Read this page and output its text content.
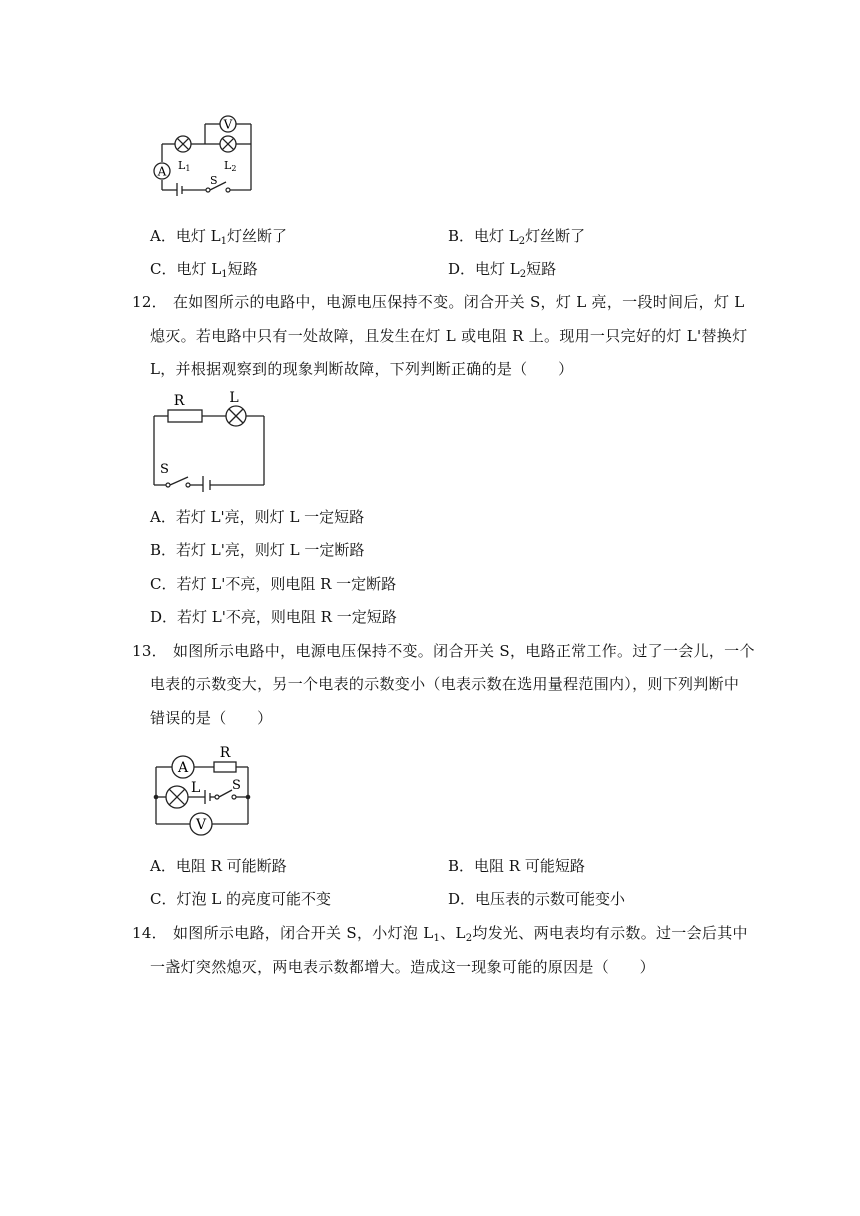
A
V
L1	L2
S
A．电灯 $L_1$灯丝断了	B．电灯 $L_2$灯丝断了
C．电灯 $L_1$短路	D．电灯 $L_2$短路
12． 在如图所示的电路中，电源电压保持不变。闭合开关 S，灯 L 亮，一段时间后，灯 L
熄灭。若电路中只有一处故障，且发生在灯 L 或电阻 R 上。现用一只完好的灯 L'替换灯
L，并根据观察到的现象判断故障，下列判断正确的是（　　）
R	L
S
A．若灯 L'亮，则灯 L 一定短路
B．若灯 L'亮，则灯 L 一定断路
C．若灯 L'不亮，则电阻 R 一定断路
D．若灯 L'不亮，则电阻 R 一定短路
13． 如图所示电路中，电源电压保持不变。闭合开关 S，电路正常工作。过了一会儿，一个
电表的示数变大，另一个电表的示数变小（电表示数在选用量程范围内），则下列判断中
错误的是（　　）
A
R
L S
V
A．电阻 R 可能断路	B．电阻 R 可能短路
C．灯泡 L 的亮度可能不变	D．电压表的示数可能变小
14． 如图所示电路，闭合开关 S，小灯泡 $L_1$、$L_2$均发光、两电表均有示数。过一会后其中
一盏灯突然熄灭，两电表示数都增大。造成这一现象可能的原因是（　　）
